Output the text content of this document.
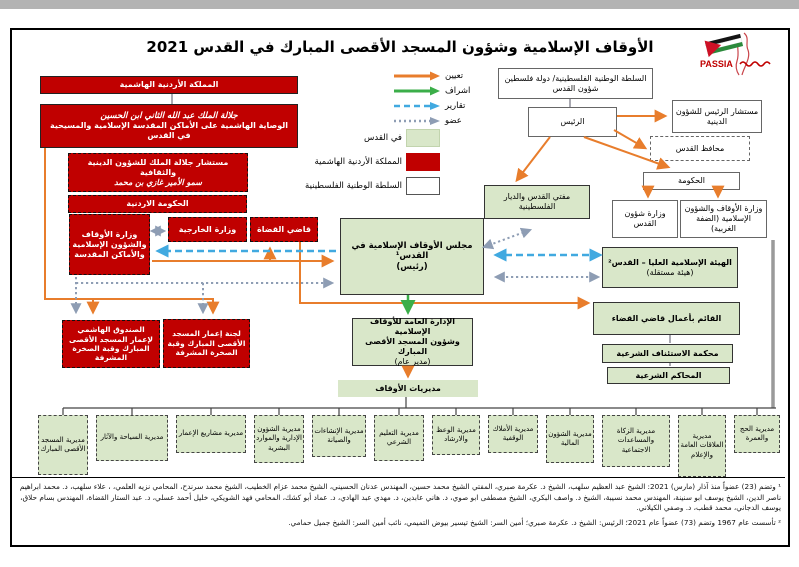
الأوقاف الإسلامية وشؤون المسجد الأقصى المبارك في القدس 2021
PASSIA
تعيين
اشراف
تقارير
عضو
في القدس
المملكة الأردنية الهاشمية
السلطة الوطنية الفلسطينية
المملكة الأردنية الهاشمية
جلالة الملك عبد الله الثاني ابن الحسين
الوصاية الهاشمية على الأماكن المقدسة الإسلامية والمسيحية في القدس
مستشار جلالة الملك للشؤون الدينية والثقافية
سمو الأمير غازي بن محمد
الحكومة الاردنية
وزارة الأوقاف والشؤون الإسلامية والأماكن المقدسة
وزارة الخارجية	قاضي القضاة
الصندوق الهاشمي لإعمار المسجد الأقصى المبارك وقبة الصخرة المشرفة
لجنة إعمار المسجد الأقصى المبارك وقبة الصخرة المشرفة
مجلس الأوقاف الإسلامية في القدس¹
(رئيس)
الإدارة العامة للأوقاف الإسلامية
وشؤون المسجد الأقصى المبارك
(مدير عام)
مديريات الأوقاف
السلطة الوطنية الفلسطينية/ دولة فلسطين
شؤون القدس
الرئيس
مستشار الرئيس للشؤون الدينية
محافظ القدس
الحكومة
مفتي القدس والديار الفلسطينية
وزارة شؤون القدس
وزارة الأوقاف والشؤون الإسلامية (الضفة الغربية)
الهيئة الإسلامية العليا – القدس²
(هيئة مستقلة)
القائم بأعمال قاضي القضاء
محكمة الاستئناف الشرعية
المحاكم الشرعية
مديرية الحج والعمرة
مديرية العلاقات العامة والإعلام
مديرية الزكاة والمساعدات الاجتماعية
مديرية الشؤون المالية
مديرية الأملاك الوقفية
مديرية الوعظ والارشاد
مديرية التعليم الشرعي
مديرية الإنشاءات والصيانة
مديرية الشؤون الإدارية والموارد البشرية
مديرية مشاريع الإعمار
مديرية السياحة والآثار
مديرية المسجد الأقصى المبارك
¹ وتضم (23) عضواً منذ آذار (مارس) 2021: الشيخ عبد العظيم سلهب، الشيخ د. عكرمة صبري، المفتي الشيخ محمد حسين، المهندس عدنان الحسيني، الشيخ محمد عزام الخطيب، الشيخ محمد سرندح، المحامي نزيه العلمي، ، علاء سلهب، د. محمد ابراهيم ناصر الدين، الشيخ يوسف ابو سنينة، المهندس محمد نسيبة، الشيخ د. واصف البكري، الشيخ مصطفى ابو صوي، د. هاني عابدين، د. مهدي عبد الهادي، د. عماد أبو كشك، المحامي فهد الشويكي، خليل أحمد عسلي، د. عبد الستار القضاة، المهندس بسام حلاق، يوسف الدجاني، محمد قطب، د. وصفي الكيلاني.
² تأسست عام 1967 وتضم (73) عضواً عام 2021؛ الرئيس: الشيخ د. عكرمة صبري؛ أمين السر: الشيخ تيسير بيوض التميمي، نائب أمين السر: الشيخ جميل حمامي.
